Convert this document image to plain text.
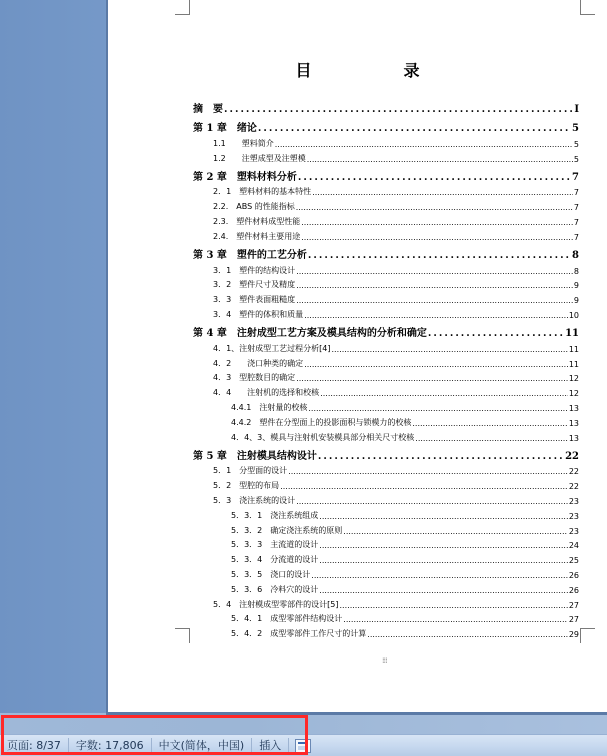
目　录
摘　要 .....	I
第 1 章　绪论 .....	5
1.1　　塑料简介 .....	5
1.2　　注塑成型及注塑模 .....	5
第 2 章　塑料材料分析 .....	7
2．1　塑料材料的基本特性 .....	7
2.2.　ABS 的性能指标 .....	7
2.3.　塑件材料成型性能 .....	7
2.4.　塑件材料主要用途 .....	7
第 3 章　塑件的工艺分析 .....	8
3．1　塑件的结构设计 .....	8
3．2　塑件尺寸及精度 .....	9
3．3　塑件表面粗糙度 .....	9
3．4　塑件的体积和质量 .....	10
第 4 章　注射成型工艺方案及模具结构的分析和确定 .....	11
4．1、注射成型工艺过程分析[4] .....	11
4．2　　浇口种类的确定 .....	11
4．3　型腔数目的确定 .....	12
4．4　　注射机的选择和校核 .....	12
4.4.1　注射量的校核 .....	13
4.4.2　塑件在分型面上的投影面积与锁模力的校核 .....	13
4．4、3、模具与注射机安装模具部分相关尺寸校核 .....	13
第 5 章　注射模具结构设计 .....	22
5．1　分型面的设计 .....	22
5．2　型腔的布局 .....	22
5．3　浇注系统的设计 .....	23
5．3．1　浇注系统组成 .....	23
5．3．2　确定浇注系统的原则 .....	23
5．3．3　主流道的设计 .....	24
5．3．4　分流道的设计 .....	25
5．3．5　浇口的设计 .....	26
5．3．6　冷料穴的设计 .....	26
5．4　注射模成型零部件的设计[5] .....	27
5．4．1　成型零部件结构设计 .....	27
5．4．2　成型零部件工作尺寸的计算 .....	29
⁞⁞⁞
页面: 8/37	字数: 17,806	中文(简体，中国)	插入
